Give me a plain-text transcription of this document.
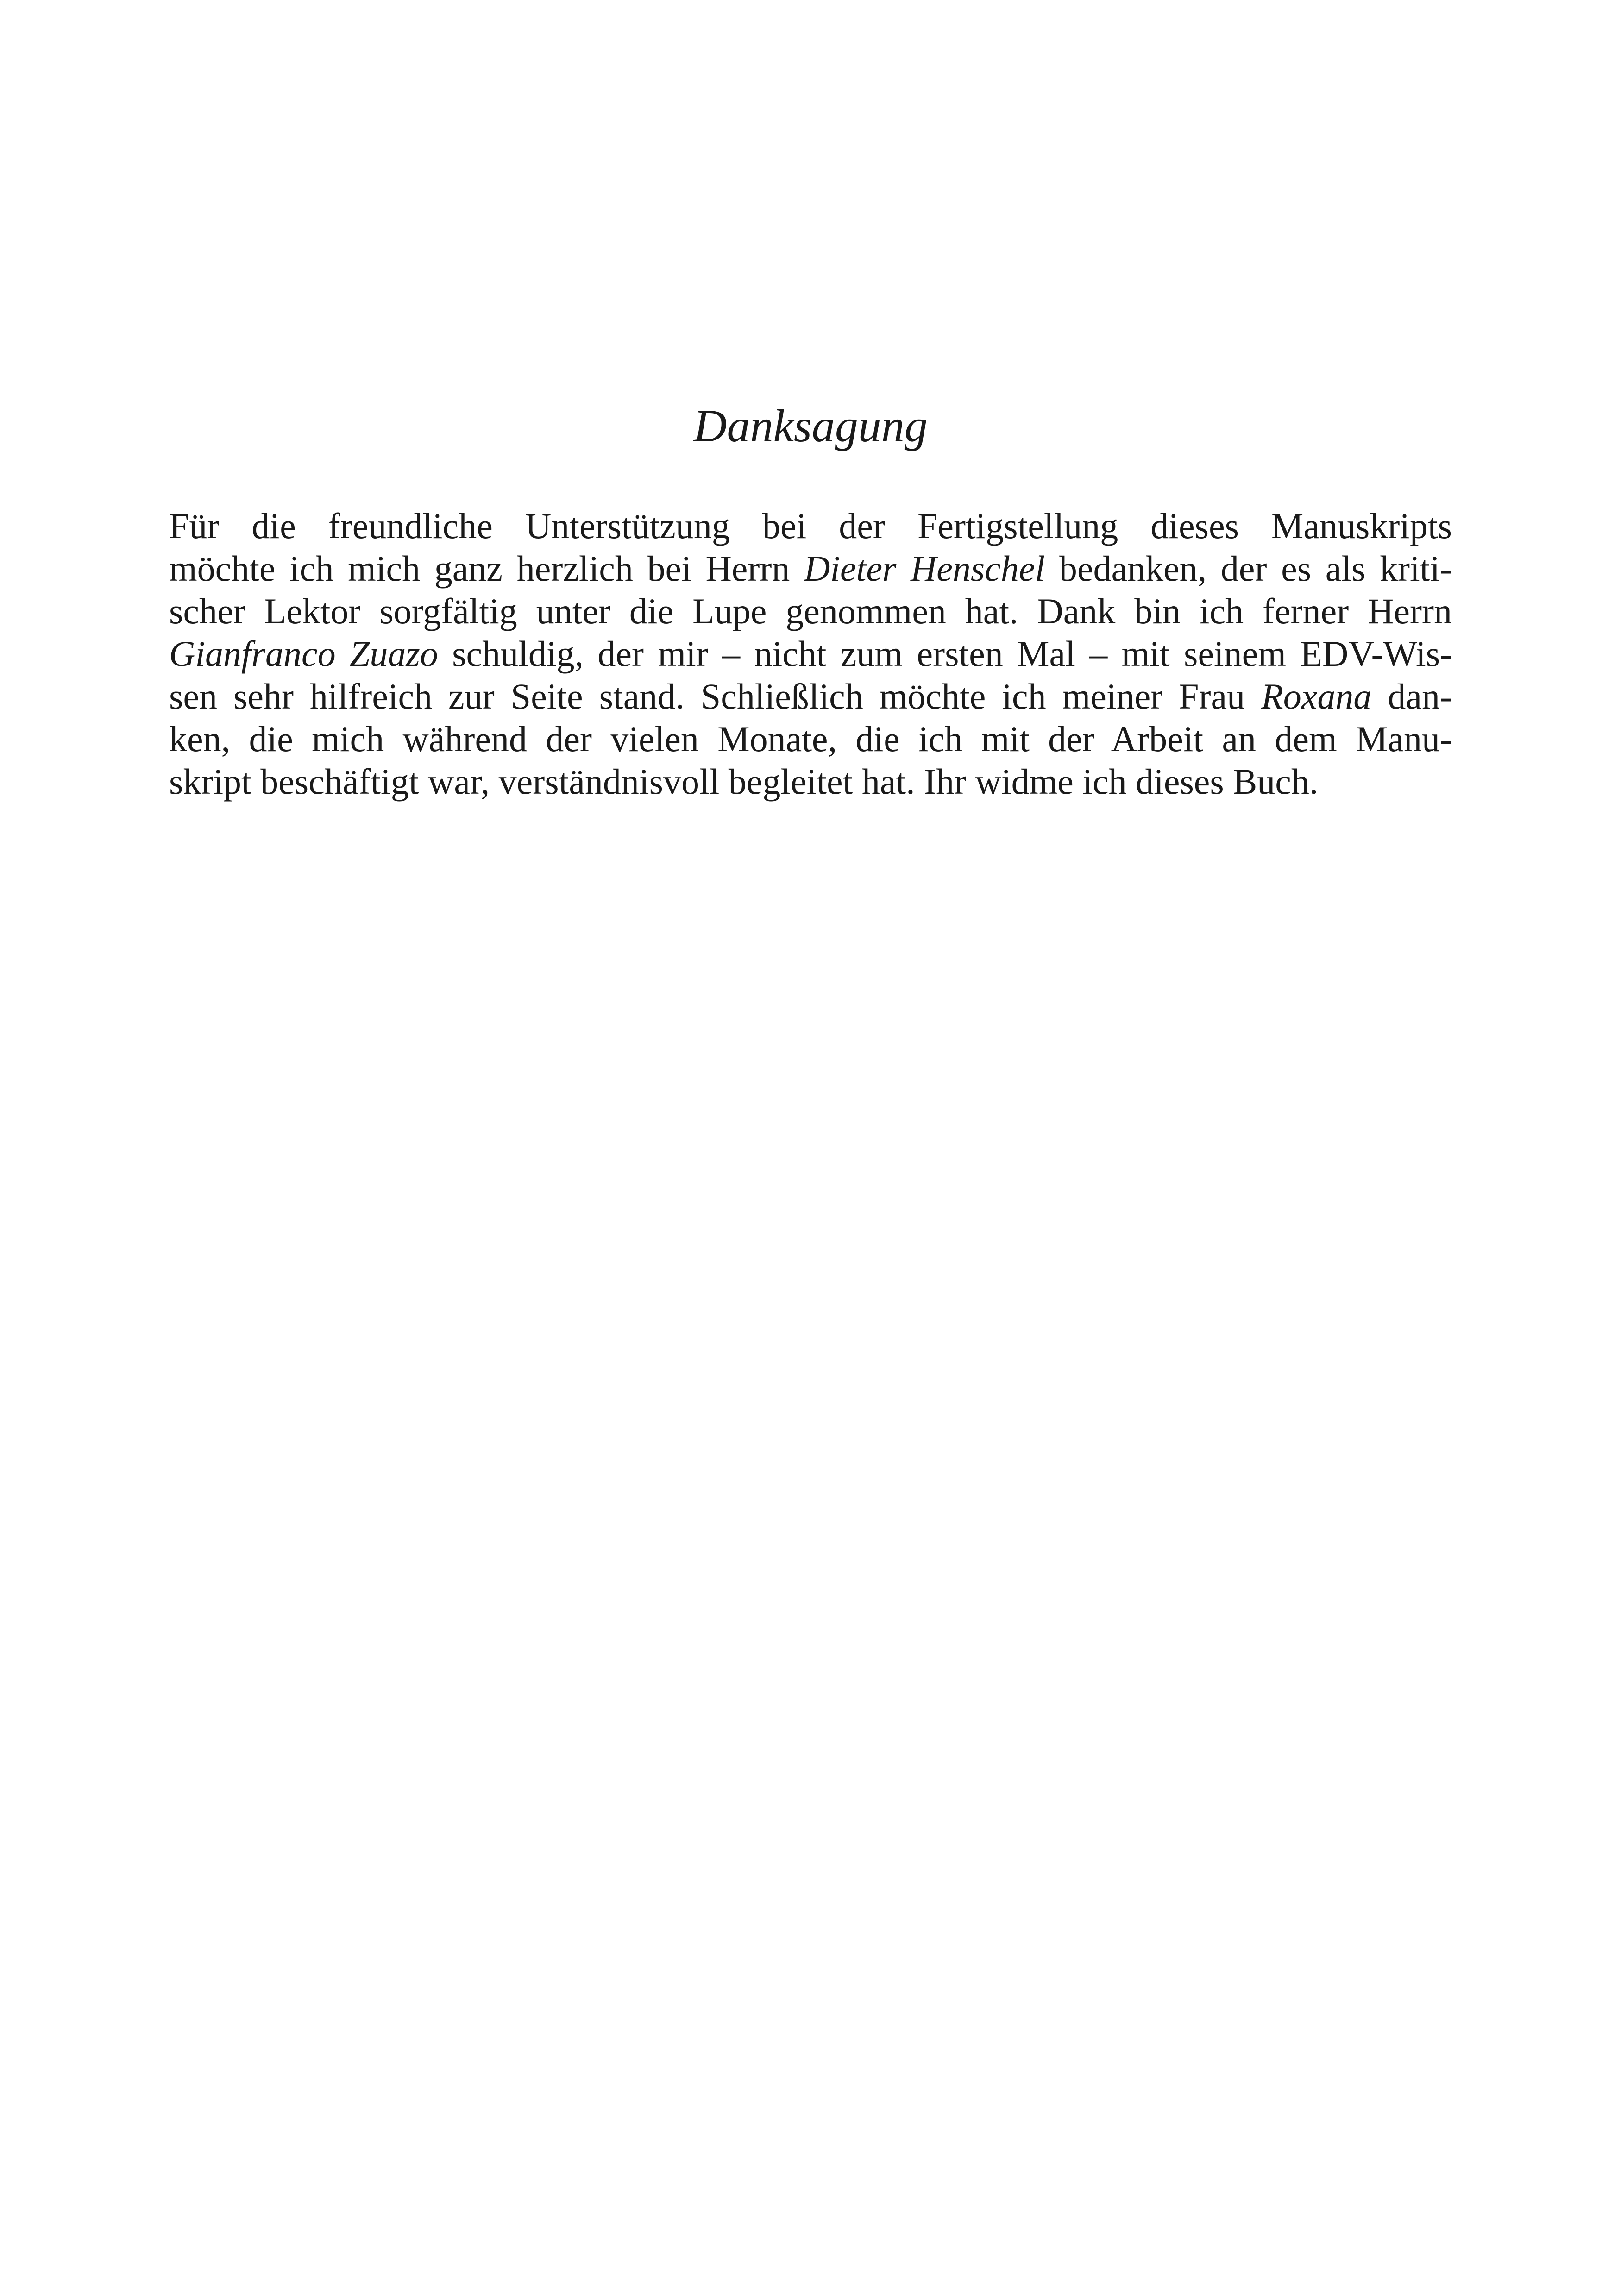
Danksagung
Für die freundliche Unterstützung bei der Fertigstellung dieses Manuskripts
möchte ich mich ganz herzlich bei Herrn Dieter Henschel bedanken, der es als kriti-
scher Lektor sorgfältig unter die Lupe genommen hat. Dank bin ich ferner Herrn
Gianfranco Zuazo schuldig, der mir – nicht zum ersten Mal – mit seinem EDV-Wis-
sen sehr hilfreich zur Seite stand. Schließlich möchte ich meiner Frau Roxana dan-
ken, die mich während der vielen Monate, die ich mit der Arbeit an dem Manu-
skript beschäftigt war, verständnisvoll begleitet hat. Ihr widme ich dieses Buch.
